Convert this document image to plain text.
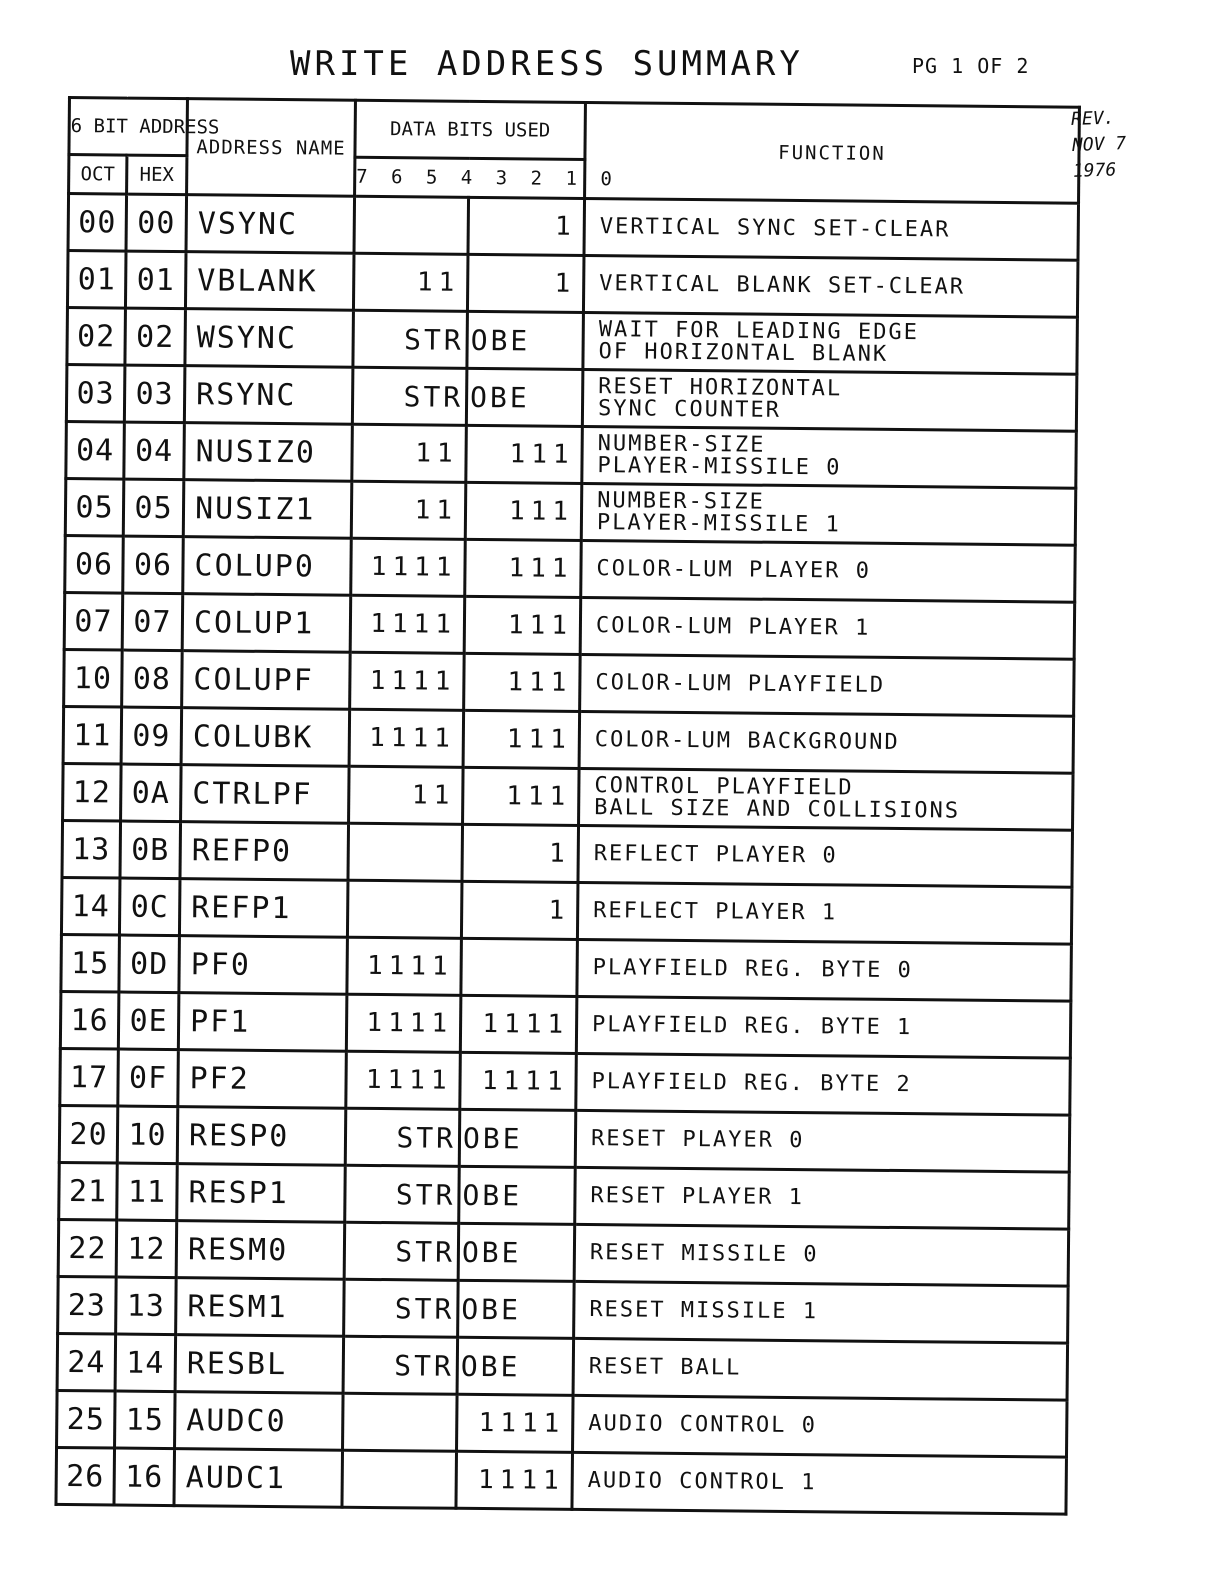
WRITE ADDRESS SUMMARY	PG 1 OF 2
REV.
NOV 7
1976
6 BIT ADDRESS		ADDRESS NAME	DATA BITS USED		FUNCTION
OCT	HEX		7 6 5 4 3 2 1 0		
00	00	VSYNC		1	VERTICAL SYNC SET-CLEAR

01	01	VBLANK	11	1	VERTICAL BLANK SET-CLEAR

02	02	WSYNC	STR	OBE	WAIT FOR LEADING EDGE
OF HORIZONTAL BLANK

03	03	RSYNC	STR	OBE	RESET HORIZONTAL
SYNC COUNTER

04	04	NUSIZ0	11	111	NUMBER-SIZE
PLAYER-MISSILE 0

05	05	NUSIZ1	11	111	NUMBER-SIZE
PLAYER-MISSILE 1

06	06	COLUP0	1111	111	COLOR-LUM PLAYER 0

07	07	COLUP1	1111	111	COLOR-LUM PLAYER 1

10	08	COLUPF	1111	111	COLOR-LUM PLAYFIELD

11	09	COLUBK	1111	111	COLOR-LUM BACKGROUND

12	0A	CTRLPF	11	111	CONTROL PLAYFIELD
BALL SIZE AND COLLISIONS

13	0B	REFP0		1	REFLECT PLAYER 0

14	0C	REFP1		1	REFLECT PLAYER 1

15	0D	PF0	1111		PLAYFIELD REG. BYTE 0

16	0E	PF1	1111	1111	PLAYFIELD REG. BYTE 1

17	0F	PF2	1111	1111	PLAYFIELD REG. BYTE 2

20	10	RESP0	STR	OBE	RESET PLAYER 0

21	11	RESP1	STR	OBE	RESET PLAYER 1

22	12	RESM0	STR	OBE	RESET MISSILE 0

23	13	RESM1	STR	OBE	RESET MISSILE 1

24	14	RESBL	STR	OBE	RESET BALL

25	15	AUDC0		1111	AUDIO CONTROL 0

26	16	AUDC1		1111	AUDIO CONTROL 1
